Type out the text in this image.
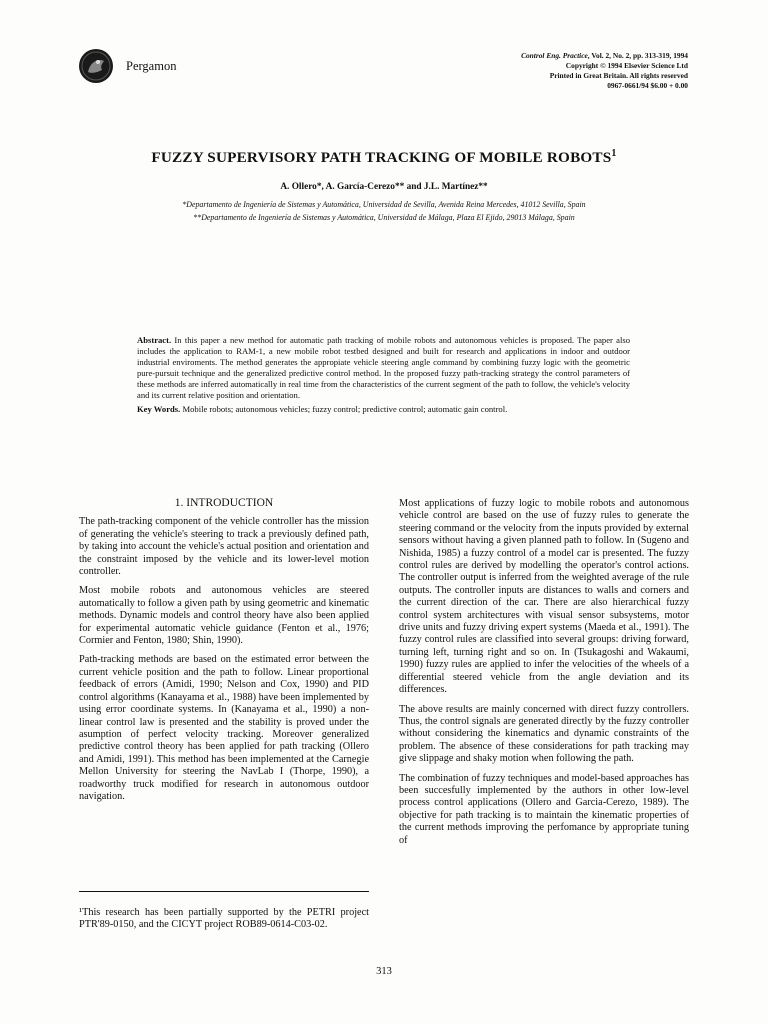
Pergamon
Control Eng. Practice, Vol. 2, No. 2, pp. 313-319, 1994
Copyright © 1994 Elsevier Science Ltd
Printed in Great Britain. All rights reserved
0967-0661/94 $6.00 + 0.00
FUZZY SUPERVISORY PATH TRACKING OF MOBILE ROBOTS$^1$
A. Ollero*, A. García-Cerezo** and J.L. Martínez**
*Departamento de Ingeniería de Sistemas y Automática, Universidad de Sevilla, Avenida Reina Mercedes, 41012 Sevilla, Spain
**Departamento de Ingeniería de Sistemas y Automática, Universidad de Málaga, Plaza El Ejido, 29013 Málaga, Spain

Abstract. In this paper a new method for automatic path tracking of mobile robots and autonomous vehicles is proposed. The paper also includes the application to RAM-1, a new mobile robot testbed designed and built for research and applications in indoor and outdoor industrial enviroments. The method generates the appropiate vehicle steering angle command by combining fuzzy logic with the geometric pure-pursuit technique and the generalized predictive control method. In the proposed fuzzy path-tracking strategy the control parameters of these methods are inferred automatically in real time from the characteristics of the current segment of the path to follow, the vehicle's velocity and its current relative position and orientation.

Key Words. Mobile robots; autonomous vehicles; fuzzy control; predictive control; automatic gain control.

1. INTRODUCTION

The path-tracking component of the vehicle controller has the mission of generating the vehicle's steering to track a previously defined path, by taking into account the vehicle's actual position and orientation and the constraint imposed by the vehicle and its lower-level motion controller.

Most mobile robots and autonomous vehicles are steered automatically to follow a given path by using geometric and kinematic methods. Dynamic models and control theory have also been applied for experimental automatic vehicle guidance (Fenton et al., 1976; Cormier and Fenton, 1980; Shin, 1990).

Path-tracking methods are based on the estimated error between the current vehicle position and the path to follow. Linear proportional feedback of errors (Amidi, 1990; Nelson and Cox, 1990) and PID control algorithms (Kanayama et al., 1988) have been implemented by using error coordinate systems. In (Kanayama et al., 1990) a non-linear control law is presented and the stability is proved under the asumption of perfect velocity tracking. Moreover generalized predictive control theory has been applied for path tracking (Ollero and Amidi, 1991). This method has been implemented at the Carnegie Mellon University for steering the NavLab I (Thorpe, 1990), a roadworthy truck modified for research in autonomous outdoor navigation.

¹This research has been partially supported by the PETRI project PTR'89-0150, and the CICYT project ROB89-0614-C03-02.

Most applications of fuzzy logic to mobile robots and autonomous vehicle control are based on the use of fuzzy rules to generate the steering command or the velocity from the inputs provided by external sensors without having a given planned path to follow. In (Sugeno and Nishida, 1985) a fuzzy control of a model car is presented. The fuzzy control rules are derived by modelling the operator's control actions. The controller output is inferred from the weighted average of the rule outputs. The controller inputs are distances to walls and corners and the current direction of the car. There are also hierarchical fuzzy control system architectures with visual sensor subsystems, motor drive units and fuzzy driving expert systems (Maeda et al., 1991). The fuzzy control rules are classified into several groups: driving forward, turning left, turning right and so on. In (Tsukagoshi and Wakaumi, 1990) fuzzy rules are applied to infer the velocities of the wheels of a differential steered vehicle from the angle deviation and its differences.

The above results are mainly concerned with direct fuzzy controllers. Thus, the control signals are generated directly by the fuzzy controller without considering the kinematics and dynamic constraints of the problem. The absence of these considerations for path tracking may give slippage and shaky motion when following the path.

The combination of fuzzy techniques and model-based approaches has been succesfully implemented by the authors in other low-level process control applications (Ollero and Garcia-Cerezo, 1989). The objective for path tracking is to maintain the kinematic properties of the current methods improving the perfomance by appropriate tuning of

313
